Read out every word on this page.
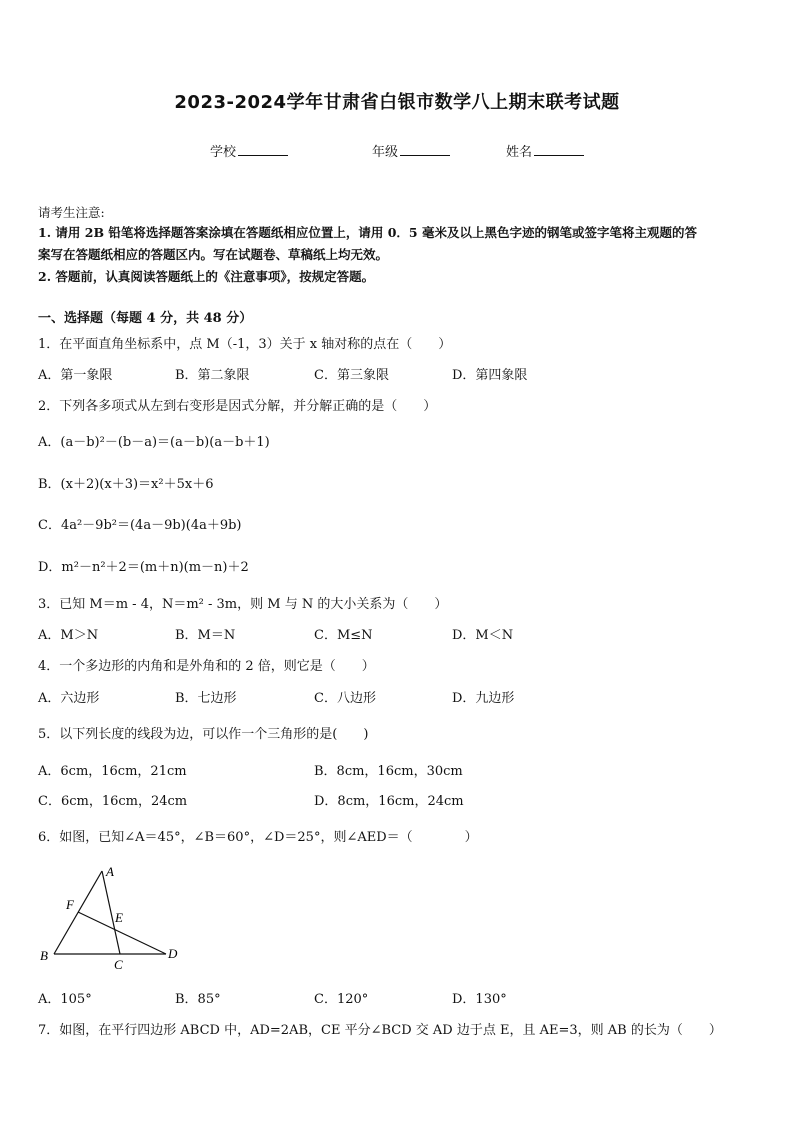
2023-2024学年甘肃省白银市数学八上期末联考试题
学校	年级	姓名
请考生注意:
1. 请用 2B 铅笔将选择题答案涂填在答题纸相应位置上，请用 0．5 毫米及以上黑色字迹的钢笔或签字笔将主观题的答
案写在答题纸相应的答题区内。写在试题卷、草稿纸上均无效。
2. 答题前，认真阅读答题纸上的《注意事项》，按规定答题。
一、选择题（每题 4 分，共 48 分）
1．在平面直角坐标系中，点 M（-1，3）关于 x 轴对称的点在（　　）
A．第一象限	B．第二象限	C．第三象限	D．第四象限
2．下列各多项式从左到右变形是因式分解，并分解正确的是（　　）
A．(a－b)²－(b－a)＝(a－b)(a－b＋1)
B．(x＋2)(x＋3)＝x²＋5x＋6
C．4a²－9b²＝(4a－9b)(4a＋9b)
D．m²－n²＋2＝(m＋n)(m－n)＋2
3．已知 M＝m - 4，N＝m² - 3m，则 M 与 N 的大小关系为（　　）
A．M＞N	B．M＝N	C．M≤N	D．M＜N
4．一个多边形的内角和是外角和的 2 倍，则它是（　　）
A．六边形	B．七边形	C．八边形	D．九边形
5．以下列长度的线段为边，可以作一个三角形的是(　　)
A．6cm，16cm，21cm	B．8cm，16cm，30cm
C．6cm，16cm，24cm	D．8cm，16cm，24cm
6．如图，已知∠A＝45°，∠B＝60°，∠D＝25°，则∠AED＝（　　　　）
A
F
E
B
C
D
A．105°	B．85°	C．120°	D．130°
7．如图，在平行四边形 ABCD 中，AD=2AB，CE 平分∠BCD 交 AD 边于点 E，且 AE=3，则 AB 的长为（　　）
